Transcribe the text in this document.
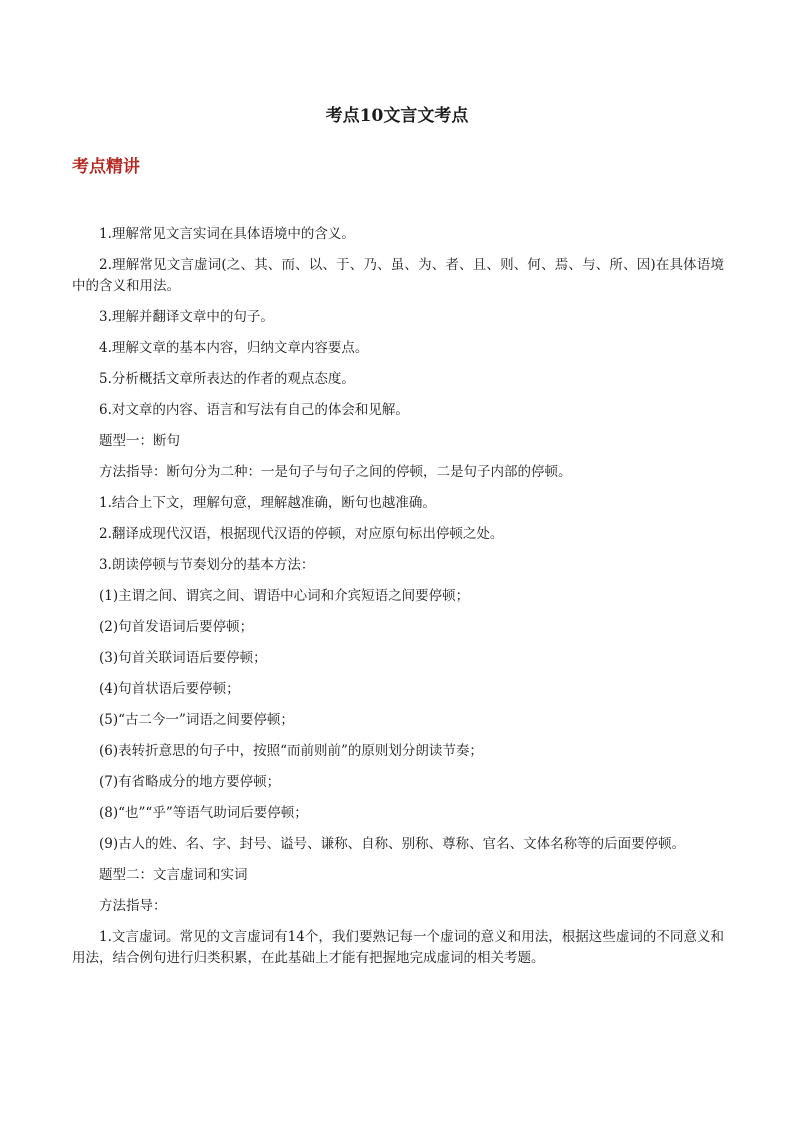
考点10文言文考点
考点精讲

1.理解常见文言实词在具体语境中的含义。

2.理解常见文言虚词(之、其、而、以、于、乃、虽、为、者、且、则、何、焉、与、所、因)在具体语境中的含义和用法。

3.理解并翻译文章中的句子。

4.理解文章的基本内容，归纳文章内容要点。

5.分析概括文章所表达的作者的观点态度。

6.对文章的内容、语言和写法有自己的体会和见解。

题型一：断句

方法指导：断句分为二种：一是句子与句子之间的停顿，二是句子内部的停顿。

1.结合上下文，理解句意，理解越准确，断句也越准确。

2.翻译成现代汉语，根据现代汉语的停顿，对应原句标出停顿之处。

3.朗读停顿与节奏划分的基本方法：

(1)主谓之间、谓宾之间、谓语中心词和介宾短语之间要停顿；

(2)句首发语词后要停顿；

(3)句首关联词语后要停顿；

(4)句首状语后要停顿；

(5)“古二今一”词语之间要停顿；

(6)表转折意思的句子中，按照“而前则前”的原则划分朗读节奏；

(7)有省略成分的地方要停顿；

(8)“也”“乎”等语气助词后要停顿；

(9)古人的姓、名、字、封号、谥号、谦称、自称、别称、尊称、官名、文体名称等的后面要停顿。

题型二：文言虚词和实词

方法指导：

1.文言虚词。常见的文言虚词有14个，我们要熟记每一个虚词的意义和用法，根据这些虚词的不同意义和用法，结合例句进行归类积累，在此基础上才能有把握地完成虚词的相关考题。
